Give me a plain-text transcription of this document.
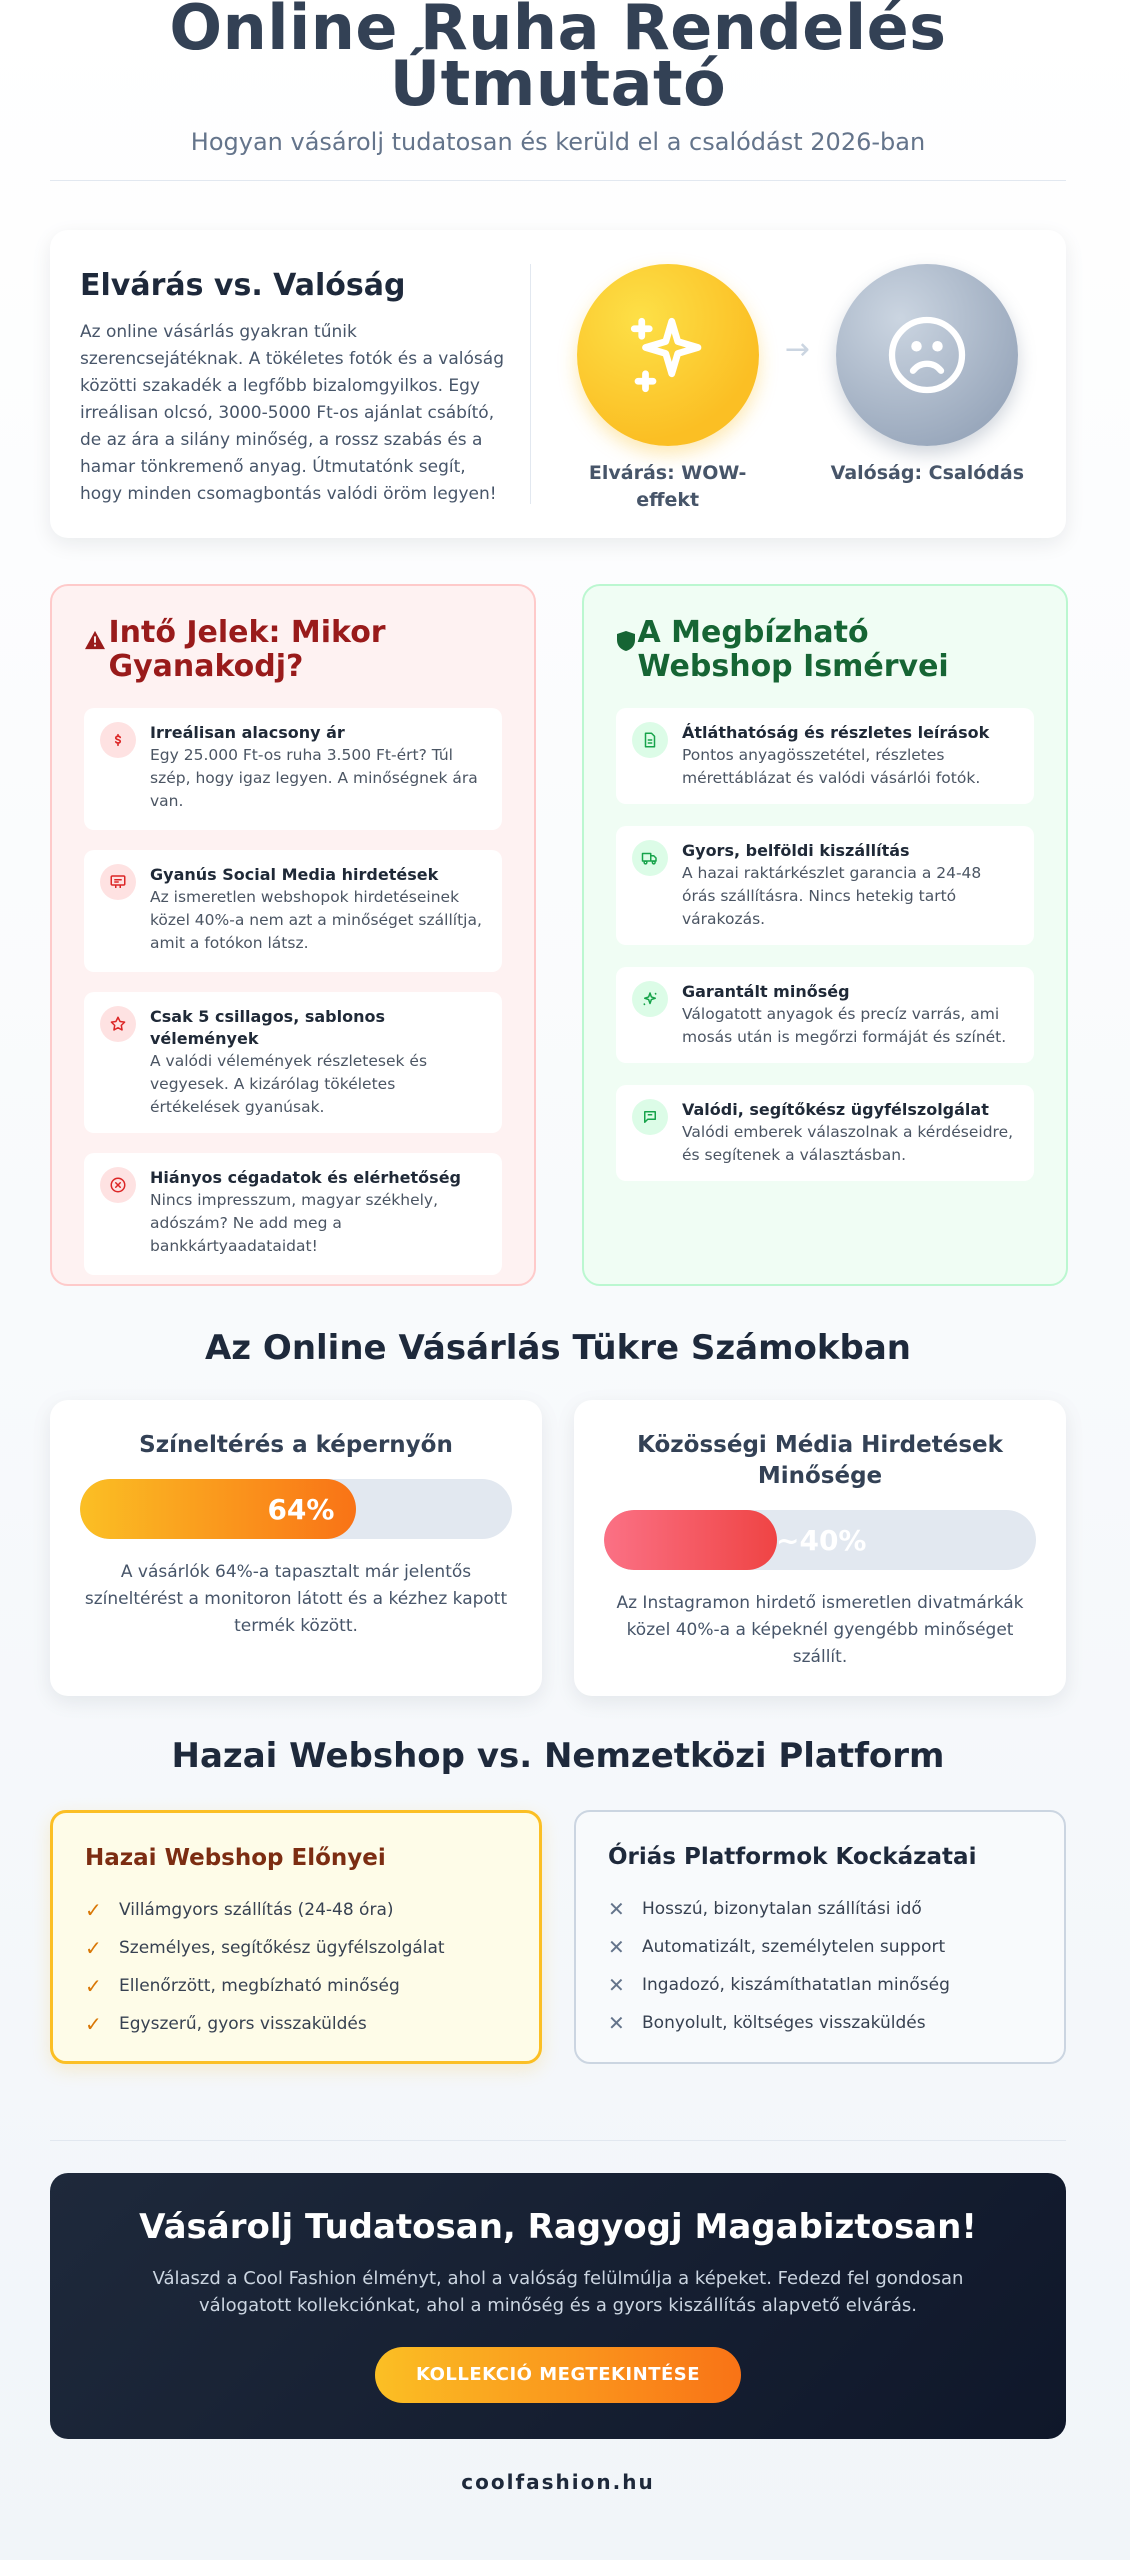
Online Ruha Rendelés
Útmutató
Hogyan vásárolj tudatosan és kerüld el a csalódást 2026-ban
Elvárás vs. Valóság
Az online vásárlás gyakran tűnik szerencsejátéknak. A tökéletes fotók és a valóság közötti szakadék a legfőbb bizalomgyilkos. Egy irreálisan olcsó, 3000-5000 Ft-os ajánlat csábító, de az ára a silány minőség, a rossz szabás és a hamar tönkremenő anyag. Útmutatónk segít, hogy minden csomagbontás valódi öröm legyen!
Elvárás: WOW-effekt
→
Valóság: Csalódás
Intő Jelek: Mikor Gyanakodj?
Irreálisan alacsony ár
Egy 25.000 Ft-os ruha 3.500 Ft-ért? Túl szép, hogy igaz legyen. A minőségnek ára van.
Gyanús Social Media hirdetések
Az ismeretlen webshopok hirdetéseinek közel 40%-a nem azt a minőséget szállítja, amit a fotókon látsz.
Csak 5 csillagos, sablonos vélemények
A valódi vélemények részletesek és vegyesek. A kizárólag tökéletes értékelések gyanúsak.
Hiányos cégadatok és elérhetőség
Nincs impresszum, magyar székhely, adószám? Ne add meg a bankkártyaadataidat!
A Megbízható Webshop Ismérvei
Átláthatóság és részletes leírások
Pontos anyagösszetétel, részletes mérettáblázat és valódi vásárlói fotók.
Gyors, belföldi kiszállítás
A hazai raktárkészlet garancia a 24-48 órás szállításra. Nincs hetekig tartó várakozás.
Garantált minőség
Válogatott anyagok és precíz varrás, ami mosás után is megőrzi formáját és színét.
Valódi, segítőkész ügyfélszolgálat
Valódi emberek válaszolnak a kérdéseidre, és segítenek a választásban.
Az Online Vásárlás Tükre Számokban
Színeltérés a képernyőn
64%
A vásárlók 64%-a tapasztalt már jelentős színeltérést a monitoron látott és a kézhez kapott termék között.
Közösségi Média Hirdetések Minősége
~40%
Az Instagramon hirdető ismeretlen divatmárkák közel 40%-a a képeknél gyengébb minőséget szállít.
Hazai Webshop vs. Nemzetközi Platform
Hazai Webshop Előnyei
✓	Villámgyors szállítás (24-48 óra)
✓	Személyes, segítőkész ügyfélszolgálat
✓	Ellenőrzött, megbízható minőség
✓	Egyszerű, gyors visszaküldés
Óriás Platformok Kockázatai
✕	Hosszú, bizonytalan szállítási idő
✕	Automatizált, személytelen support
✕	Ingadozó, kiszámíthatatlan minőség
✕	Bonyolult, költséges visszaküldés
Vásárolj Tudatosan, Ragyogj Magabiztosan!
Válaszd a Cool Fashion élményt, ahol a valóság felülmúlja a képeket. Fedezd fel gondosan válogatott kollekciónkat, ahol a minőség és a gyors kiszállítás alapvető elvárás.
KOLLEKCIÓ MEGTEKINTÉSE
coolfashion.hu
